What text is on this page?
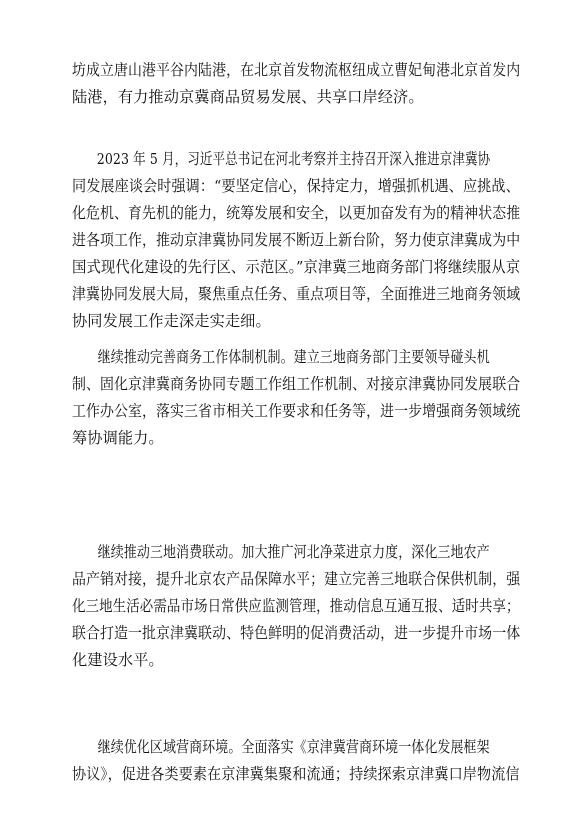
坊成立唐山港平谷内陆港，在北京首发物流枢纽成立曹妃甸港北京首发内
陆港，有力推动京冀商品贸易发展、共享口岸经济。

2023 年 5 月，习近平总书记在河北考察并主持召开深入推进京津冀协
同发展座谈会时强调：“要坚定信心，保持定力，增强抓机遇、应挑战、
化危机、育先机的能力，统筹发展和安全，以更加奋发有为的精神状态推
进各项工作，推动京津冀协同发展不断迈上新台阶，努力使京津冀成为中
国式现代化建设的先行区、示范区。”京津冀三地商务部门将继续服从京
津冀协同发展大局，聚焦重点任务、重点项目等，全面推进三地商务领域
协同发展工作走深走实走细。

继续推动完善商务工作体制机制。建立三地商务部门主要领导碰头机
制、固化京津冀商务协同专题工作组工作机制、对接京津冀协同发展联合
工作办公室，落实三省市相关工作要求和任务等，进一步增强商务领域统
筹协调能力。

继续推动三地消费联动。加大推广河北净菜进京力度，深化三地农产
品产销对接，提升北京农产品保障水平；建立完善三地联合保供机制，强
化三地生活必需品市场日常供应监测管理，推动信息互通互报、适时共享；
联合打造一批京津冀联动、特色鲜明的促消费活动，进一步提升市场一体
化建设水平。

继续优化区域营商环境。全面落实《京津冀营商环境一体化发展框架
协议》，促进各类要素在京津冀集聚和流通；持续探索京津冀口岸物流信
